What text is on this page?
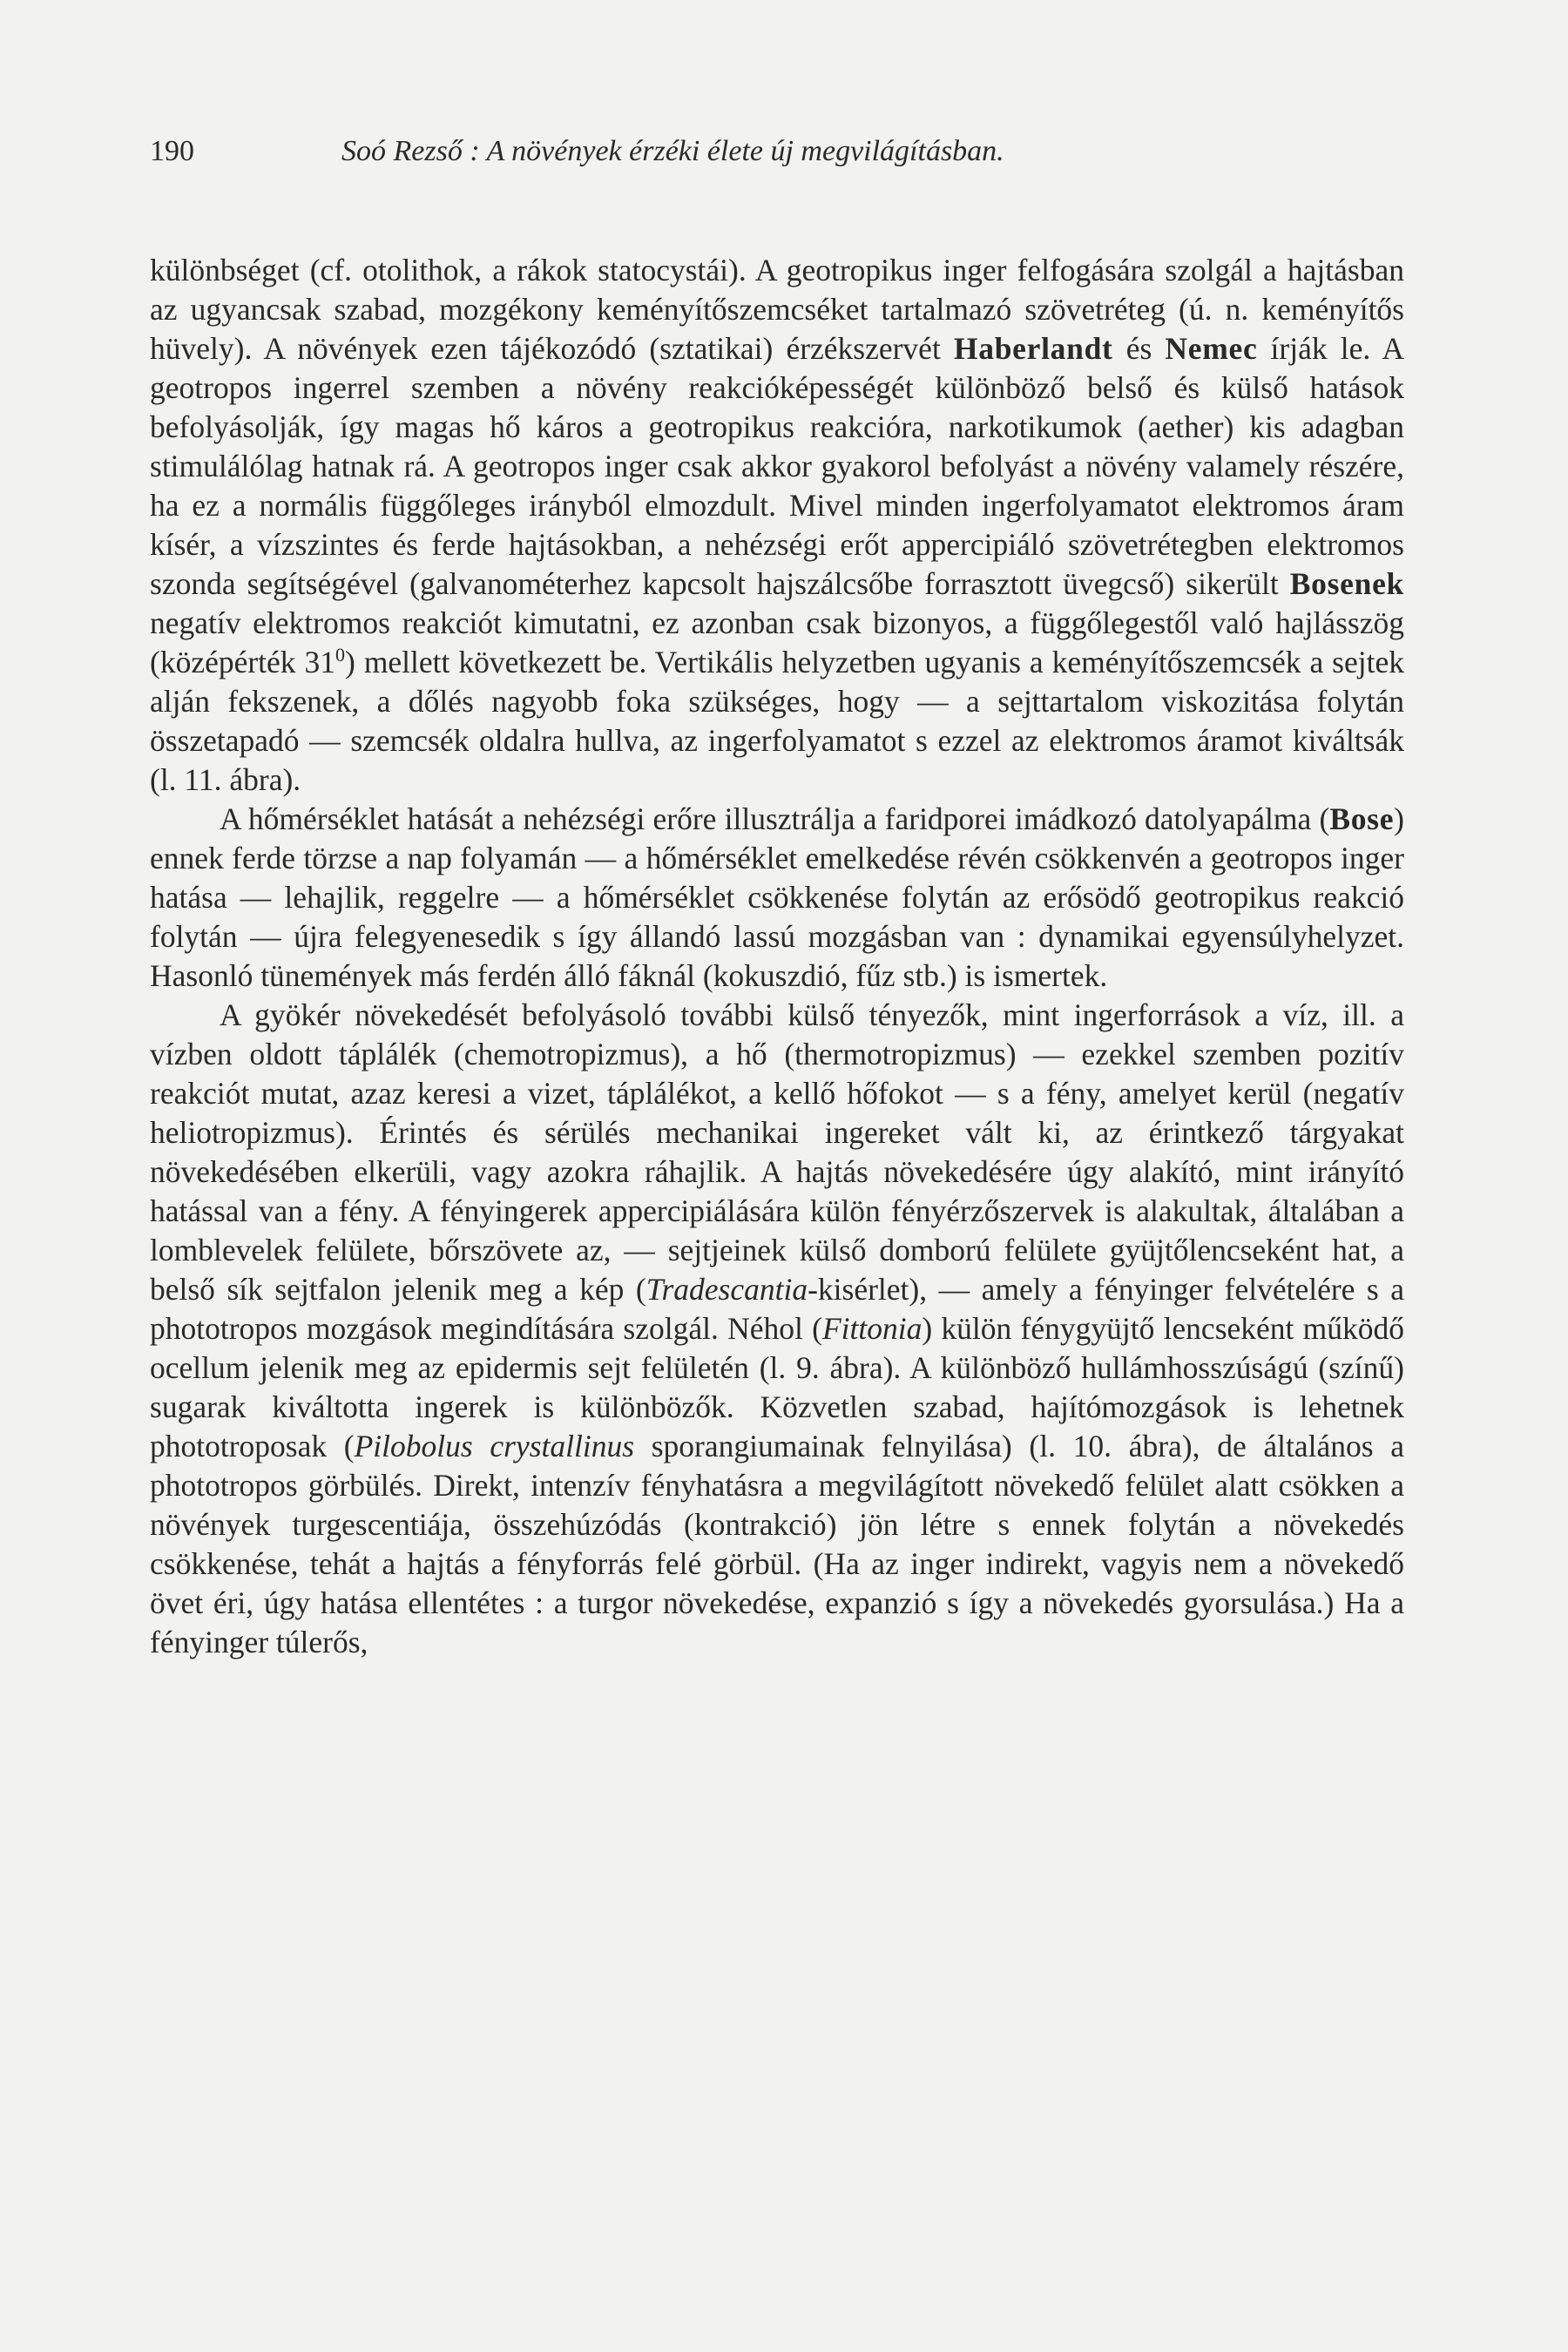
190	Soó Rezső : A növények érzéki élete új megvilágításban.

különbséget (cf. otolithok, a rákok statocystái). A geotropikus inger felfogására szolgál a hajtásban az ugyancsak szabad, mozgékony keményítőszemcséket tartalmazó szövetréteg (ú. n. keményítős hüvely). A növények ezen tájékozódó (sztatikai) érzékszervét Haberlandt és Nemec írják le. A geotropos ingerrel szemben a növény reakcióképességét különböző belső és külső hatások befolyásolják, így magas hő káros a geotropikus reakcióra, narkotikumok (aether) kis adagban stimulálólag hatnak rá. A geotropos inger csak akkor gyakorol befolyást a növény valamely részére, ha ez a normális függőleges irányból elmozdult. Mivel minden ingerfolyamatot elektromos áram kísér, a vízszintes és ferde hajtásokban, a nehézségi erőt appercipiáló szövetrétegben elektromos szonda segítségével (galvanométerhez kapcsolt hajszálcsőbe forrasztott üvegcső) sikerült Bosenek negatív elektromos reakciót kimutatni, ez azonban csak bizonyos, a függőlegestől való hajlásszög (középérték $31^0$) mellett következett be. Vertikális helyzetben ugyanis a keményítőszemcsék a sejtek alján fekszenek, a dőlés nagyobb foka szükséges, hogy — a sejttartalom viskozitása folytán összetapadó — szemcsék oldalra hullva, az ingerfolyamatot s ezzel az elektromos áramot kiváltsák (l. 11. ábra).

A hőmérséklet hatását a nehézségi erőre illusztrálja a faridporei imádkozó datolyapálma (Bose) ennek ferde törzse a nap folyamán — a hőmérséklet emelkedése révén csökkenvén a geotropos inger hatása — lehajlik, reggelre — a hőmérséklet csökkenése folytán az erősödő geotropikus reakció folytán — újra felegyenesedik s így állandó lassú mozgásban van : dynamikai egyensúlyhelyzet. Hasonló tünemények más ferdén álló fáknál (kokuszdió, fűz stb.) is ismertek.

A gyökér növekedését befolyásoló további külső tényezők, mint ingerforrások a víz, ill. a vízben oldott táplálék (chemotropizmus), a hő (thermotropizmus) — ezekkel szemben pozitív reakciót mutat, azaz keresi a vizet, táplálékot, a kellő hőfokot — s a fény, amelyet kerül (negatív heliotropizmus). Érintés és sérülés mechanikai ingereket vált ki, az érintkező tárgyakat növekedésében elkerüli, vagy azokra ráhajlik. A hajtás növekedésére úgy alakító, mint irányító hatással van a fény. A fényingerek appercipiálására külön fényérzőszervek is alakultak, általában a lomblevelek felülete, bőrszövete az, — sejtjeinek külső domború felülete gyüjtőlencseként hat, a belső sík sejtfalon jelenik meg a kép (Tradescantia-kisérlet), — amely a fényinger felvételére s a phototropos mozgások megindítására szolgál. Néhol (Fittonia) külön fénygyüjtő lencseként működő ocellum jelenik meg az epidermis sejt felületén (l. 9. ábra). A különböző hullámhosszúságú (színű) sugarak kiváltotta ingerek is különbözők. Közvetlen szabad, hajítómozgások is lehetnek phototroposak (Pilobolus crystallinus sporangiumainak felnyilása) (l. 10. ábra), de általános a phototropos görbülés. Direkt, intenzív fényhatásra a megvilágított növekedő felület alatt csökken a növények turgescentiája, összehúzódás (kontrakció) jön létre s ennek folytán a növekedés csökkenése, tehát a hajtás a fényforrás felé görbül. (Ha az inger indirekt, vagyis nem a növekedő övet éri, úgy hatása ellentétes : a turgor növekedése, expanzió s így a növekedés gyorsulása.) Ha a fényinger túlerős,
